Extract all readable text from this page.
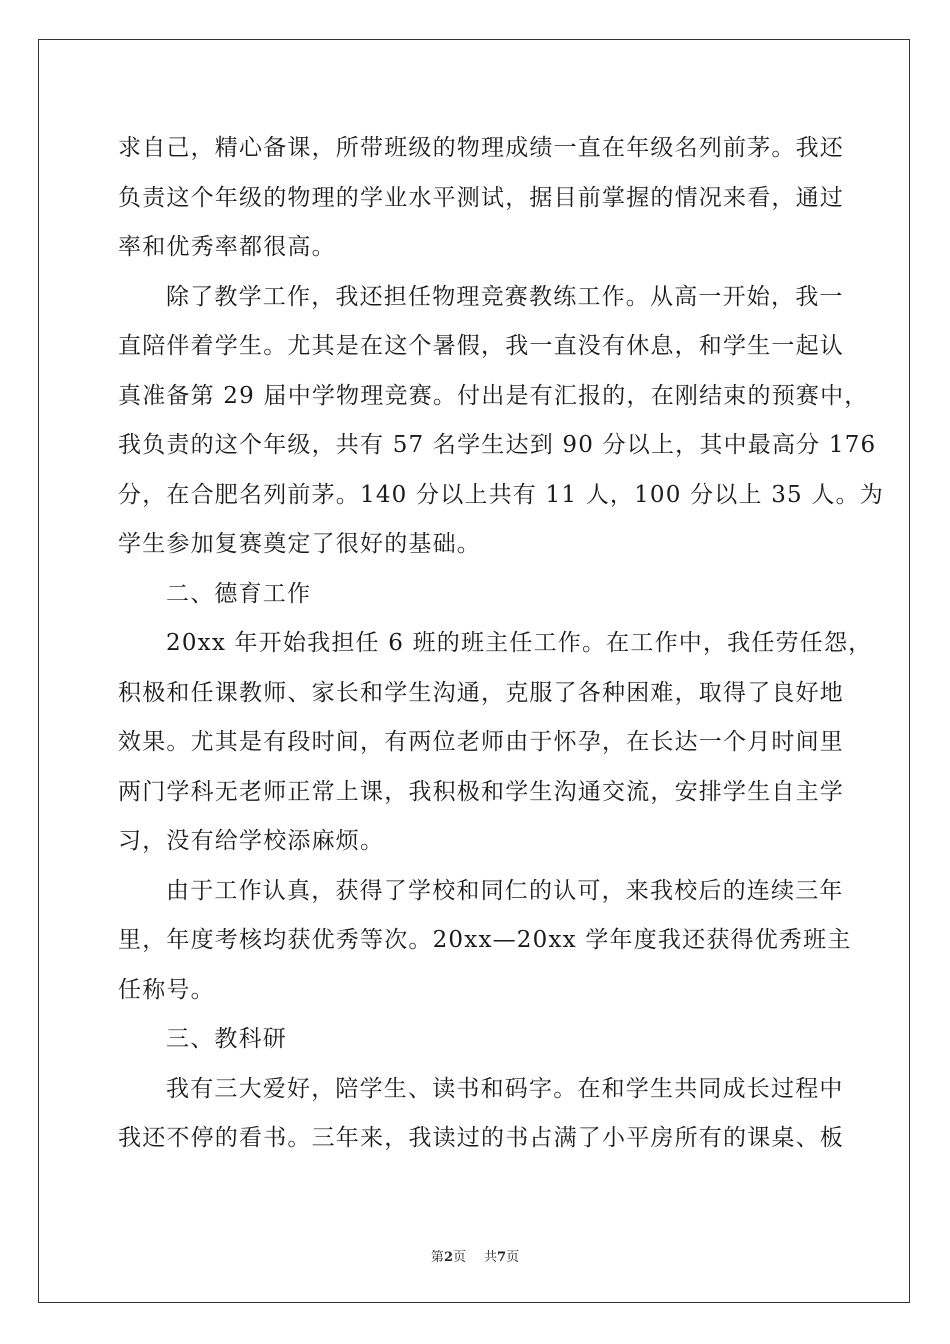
求自己，精心备课，所带班级的物理成绩一直在年级名列前茅。我还
负责这个年级的物理的学业水平测试，据目前掌握的情况来看，通过
率和优秀率都很高。
除了教学工作，我还担任物理竞赛教练工作。从高一开始，我一
直陪伴着学生。尤其是在这个暑假，我一直没有休息，和学生一起认
真准备第 29 届中学物理竞赛。付出是有汇报的，在刚结束的预赛中，
我负责的这个年级，共有 57 名学生达到 90 分以上，其中最高分 176
分，在合肥名列前茅。140 分以上共有 11 人，100 分以上 35 人。为
学生参加复赛奠定了很好的基础。
二、德育工作
20xx 年开始我担任 6 班的班主任工作。在工作中，我任劳任怨，
积极和任课教师、家长和学生沟通，克服了各种困难，取得了良好地
效果。尤其是有段时间，有两位老师由于怀孕，在长达一个月时间里
两门学科无老师正常上课，我积极和学生沟通交流，安排学生自主学
习，没有给学校添麻烦。
由于工作认真，获得了学校和同仁的认可，来我校后的连续三年
里，年度考核均获优秀等次。20xx—20xx 学年度我还获得优秀班主
任称号。
三、教科研
我有三大爱好，陪学生、读书和码字。在和学生共同成长过程中
我还不停的看书。三年来，我读过的书占满了小平房所有的课桌、板
第2页 共7页
